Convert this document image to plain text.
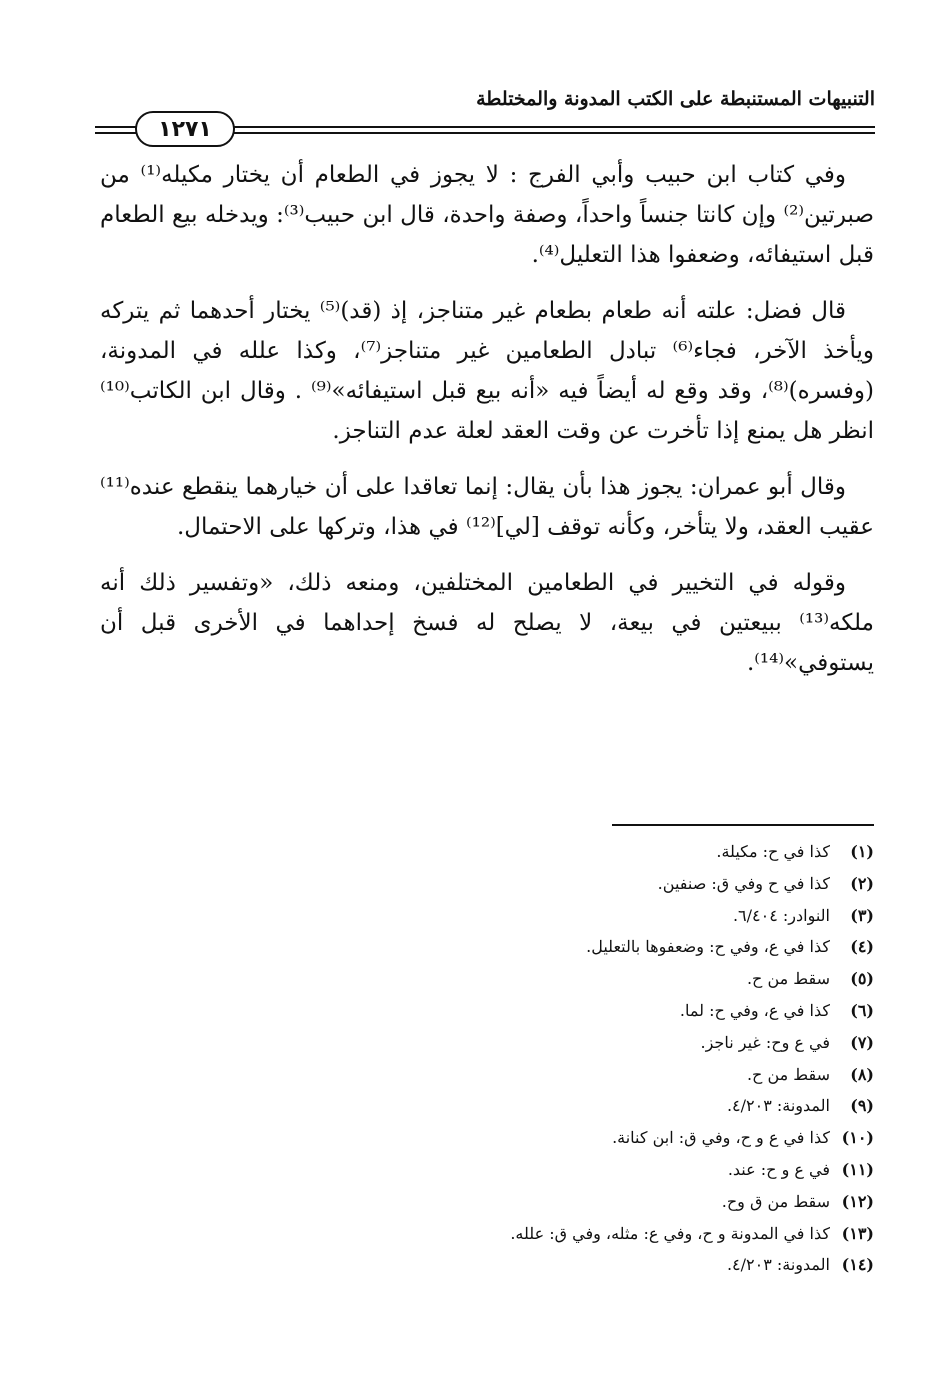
التنبيهات المستنبطة على الكتب المدونة والمختلطة
١٢٧١

وفي كتاب ابن حبيب وأبي الفرج : لا يجوز في الطعام أن يختار مكيله⁽¹⁾ من صبرتين⁽²⁾ وإن كانتا جنساً واحداً، وصفة واحدة، قال ابن حبيب⁽³⁾: ويدخله بيع الطعام قبل استيفائه، وضعفوا هذا التعليل⁽⁴⁾.

قال فضل: علته أنه طعام بطعام غير متناجز، إذ (قد)⁽⁵⁾ يختار أحدهما ثم يتركه ويأخذ الآخر، فجاء⁽⁶⁾ تبادل الطعامين غير متناجز⁽⁷⁾، وكذا علله في المدونة، (وفسره)⁽⁸⁾، وقد وقع له أيضاً فيه «أنه بيع قبل استيفائه»⁽⁹⁾ . وقال ابن الكاتب⁽¹⁰⁾ انظر هل يمنع إذا تأخرت عن وقت العقد لعلة عدم التناجز.

وقال أبو عمران: يجوز هذا بأن يقال: إنما تعاقدا على أن خيارهما ينقطع عنده⁽¹¹⁾ عقيب العقد، ولا يتأخر، وكأنه توقف [لي]⁽¹²⁾ في هذا، وتركها على الاحتمال.

وقوله في التخيير في الطعامين المختلفين، ومنعه ذلك، «وتفسير ذلك أنه ملكه⁽¹³⁾ ببيعتين في بيعة، لا يصلح له فسخ إحداهما في الأخرى قبل أن يستوفي»⁽¹⁴⁾.

(١)
كذا في ح: مكيلة.
(٢)
كذا في ح وفي ق: صنفين.
(٣)
النوادر: ٦/٤٠٤.
(٤)
كذا في ع، وفي ح: وضعفوها بالتعليل.
(٥)
سقط من ح.
(٦)
كذا في ع، وفي ح: لما.
(٧)
في ع وح: غير ناجز.
(٨)
سقط من ح.
(٩)
المدونة: ٤/٢٠٣.
(١٠)
كذا في ع و ح، وفي ق: ابن كنانة.
(١١)
في ع و ح: عند.
(١٢)
سقط من ق وح.
(١٣)
كذا في المدونة و ح، وفي ع: مثله، وفي ق: علله.
(١٤)
المدونة: ٤/٢٠٣.
